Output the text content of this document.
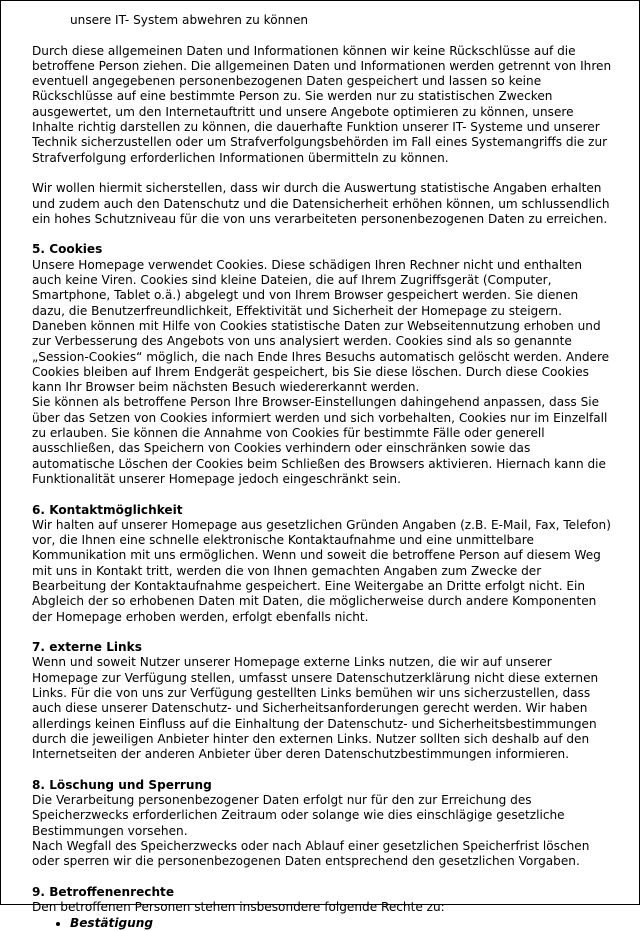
unsere IT- System abwehren zu können

Durch diese allgemeinen Daten und Informationen können wir keine Rückschlüsse auf die betroffene Person ziehen. Die allgemeinen Daten und Informationen werden getrennt von Ihren eventuell angegebenen personenbezogenen Daten gespeichert und lassen so keine Rückschlüsse auf eine bestimmte Person zu. Sie werden nur zu statistischen Zwecken ausgewertet, um den Internetauftritt und unsere Angebote optimieren zu können, unsere Inhalte richtig darstellen zu können, die dauerhafte Funktion unserer IT- Systeme und unserer Technik sicherzustellen oder um Strafverfolgungsbehörden im Fall eines Systemangriffs die zur Strafverfolgung erforderlichen Informationen übermitteln zu können.

Wir wollen hiermit sicherstellen, dass wir durch die Auswertung statistische Angaben erhalten und zudem auch den Datenschutz und die Datensicherheit erhöhen können, um schlussendlich ein hohes Schutzniveau für die von uns verarbeiteten personenbezogenen Daten zu erreichen.

5. Cookies

Unsere Homepage verwendet Cookies. Diese schädigen Ihren Rechner nicht und enthalten auch keine Viren. Cookies sind kleine Dateien, die auf Ihrem Zugriffsgerät (Computer, Smartphone, Tablet o.ä.) abgelegt und von Ihrem Browser gespeichert werden. Sie dienen dazu, die Benutzerfreundlichkeit, Effektivität und Sicherheit der Homepage zu steigern. Daneben können mit Hilfe von Cookies statistische Daten zur Webseitennutzung erhoben und zur Verbesserung des Angebots von uns analysiert werden. Cookies sind als so genannte „Session-Cookies“ möglich, die nach Ende Ihres Besuchs automatisch gelöscht werden. Andere Cookies bleiben auf Ihrem Endgerät gespeichert, bis Sie diese löschen. Durch diese Cookies kann Ihr Browser beim nächsten Besuch wiedererkannt werden.

Sie können als betroffene Person Ihre Browser-Einstellungen dahingehend anpassen, dass Sie über das Setzen von Cookies informiert werden und sich vorbehalten, Cookies nur im Einzelfall zu erlauben. Sie können die Annahme von Cookies für bestimmte Fälle oder generell ausschließen, das Speichern von Cookies verhindern oder einschränken sowie das automatische Löschen der Cookies beim Schließen des Browsers aktivieren. Hiernach kann die Funktionalität unserer Homepage jedoch eingeschränkt sein.

6. Kontaktmöglichkeit

Wir halten auf unserer Homepage aus gesetzlichen Gründen Angaben (z.B. E-Mail, Fax, Telefon) vor, die Ihnen eine schnelle elektronische Kontaktaufnahme und eine unmittelbare Kommunikation mit uns ermöglichen. Wenn und soweit die betroffene Person auf diesem Weg mit uns in Kontakt tritt, werden die von Ihnen gemachten Angaben zum Zwecke der Bearbeitung der Kontaktaufnahme gespeichert. Eine Weitergabe an Dritte erfolgt nicht. Ein Abgleich der so erhobenen Daten mit Daten, die möglicherweise durch andere Komponenten der Homepage erhoben werden, erfolgt ebenfalls nicht.

7. externe Links

Wenn und soweit Nutzer unserer Homepage externe Links nutzen, die wir auf unserer Homepage zur Verfügung stellen, umfasst unsere Datenschutzerklärung nicht diese externen Links. Für die von uns zur Verfügung gestellten Links bemühen wir uns sicherzustellen, dass auch diese unserer Datenschutz- und Sicherheitsanforderungen gerecht werden. Wir haben allerdings keinen Einfluss auf die Einhaltung der Datenschutz- und Sicherheitsbestimmungen durch die jeweiligen Anbieter hinter den externen Links. Nutzer sollten sich deshalb auf den Internetseiten der anderen Anbieter über deren Datenschutzbestimmungen informieren.

8. Löschung und Sperrung

Die Verarbeitung personenbezogener Daten erfolgt nur für den zur Erreichung des Speicherzwecks erforderlichen Zeitraum oder solange wie dies einschlägige gesetzliche Bestimmungen vorsehen.

Nach Wegfall des Speicherzwecks oder nach Ablauf einer gesetzlichen Speicherfrist löschen oder sperren wir die personenbezogenen Daten entsprechend den gesetzlichen Vorgaben.

9. Betroffenenrechte

Den betroffenen Personen stehen insbesondere folgende Rechte zu:

• Bestätigung
